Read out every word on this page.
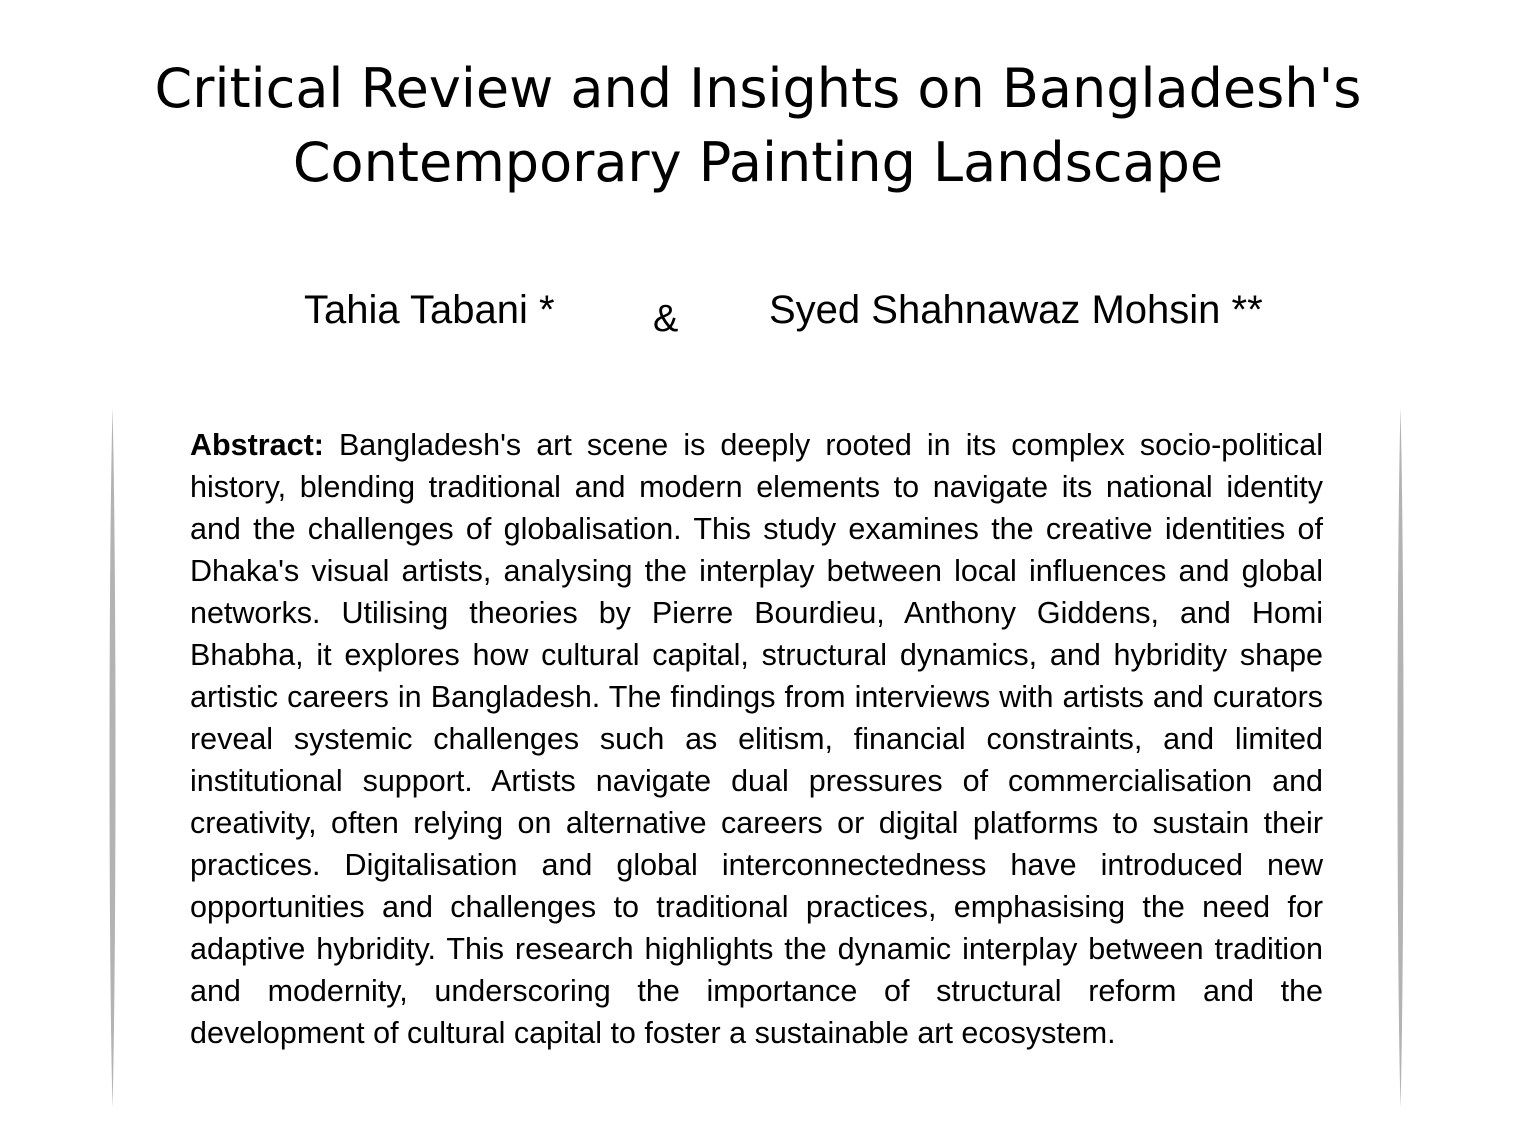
Critical Review and Insights on Bangladesh's
Contemporary Painting Landscape
Tahia Tabani *	& Syed Shahnawaz Mohsin **

Abstract: Bangladesh's art scene is deeply rooted in its complex socio-political history, blending traditional and modern elements to navigate its national identity and the challenges of globalisation. This study examines the creative identities of Dhaka's visual artists, analysing the interplay between local influences and global networks. Utilising theories by Pierre Bourdieu, Anthony Giddens, and Homi Bhabha, it explores how cultural capital, structural dynamics, and hybridity shape artistic careers in Bangladesh. The findings from interviews with artists and curators reveal systemic challenges such as elitism, financial constraints, and limited institutional support. Artists navigate dual pressures of commercialisation and creativity, often relying on alternative careers or digital platforms to sustain their practices. Digitalisation and global interconnectedness have introduced new opportunities and challenges to traditional practices, emphasising the need for adaptive hybridity. This research highlights the dynamic interplay between tradition and modernity, underscoring the importance of structural reform and the development of cultural capital to foster a sustainable art ecosystem.
